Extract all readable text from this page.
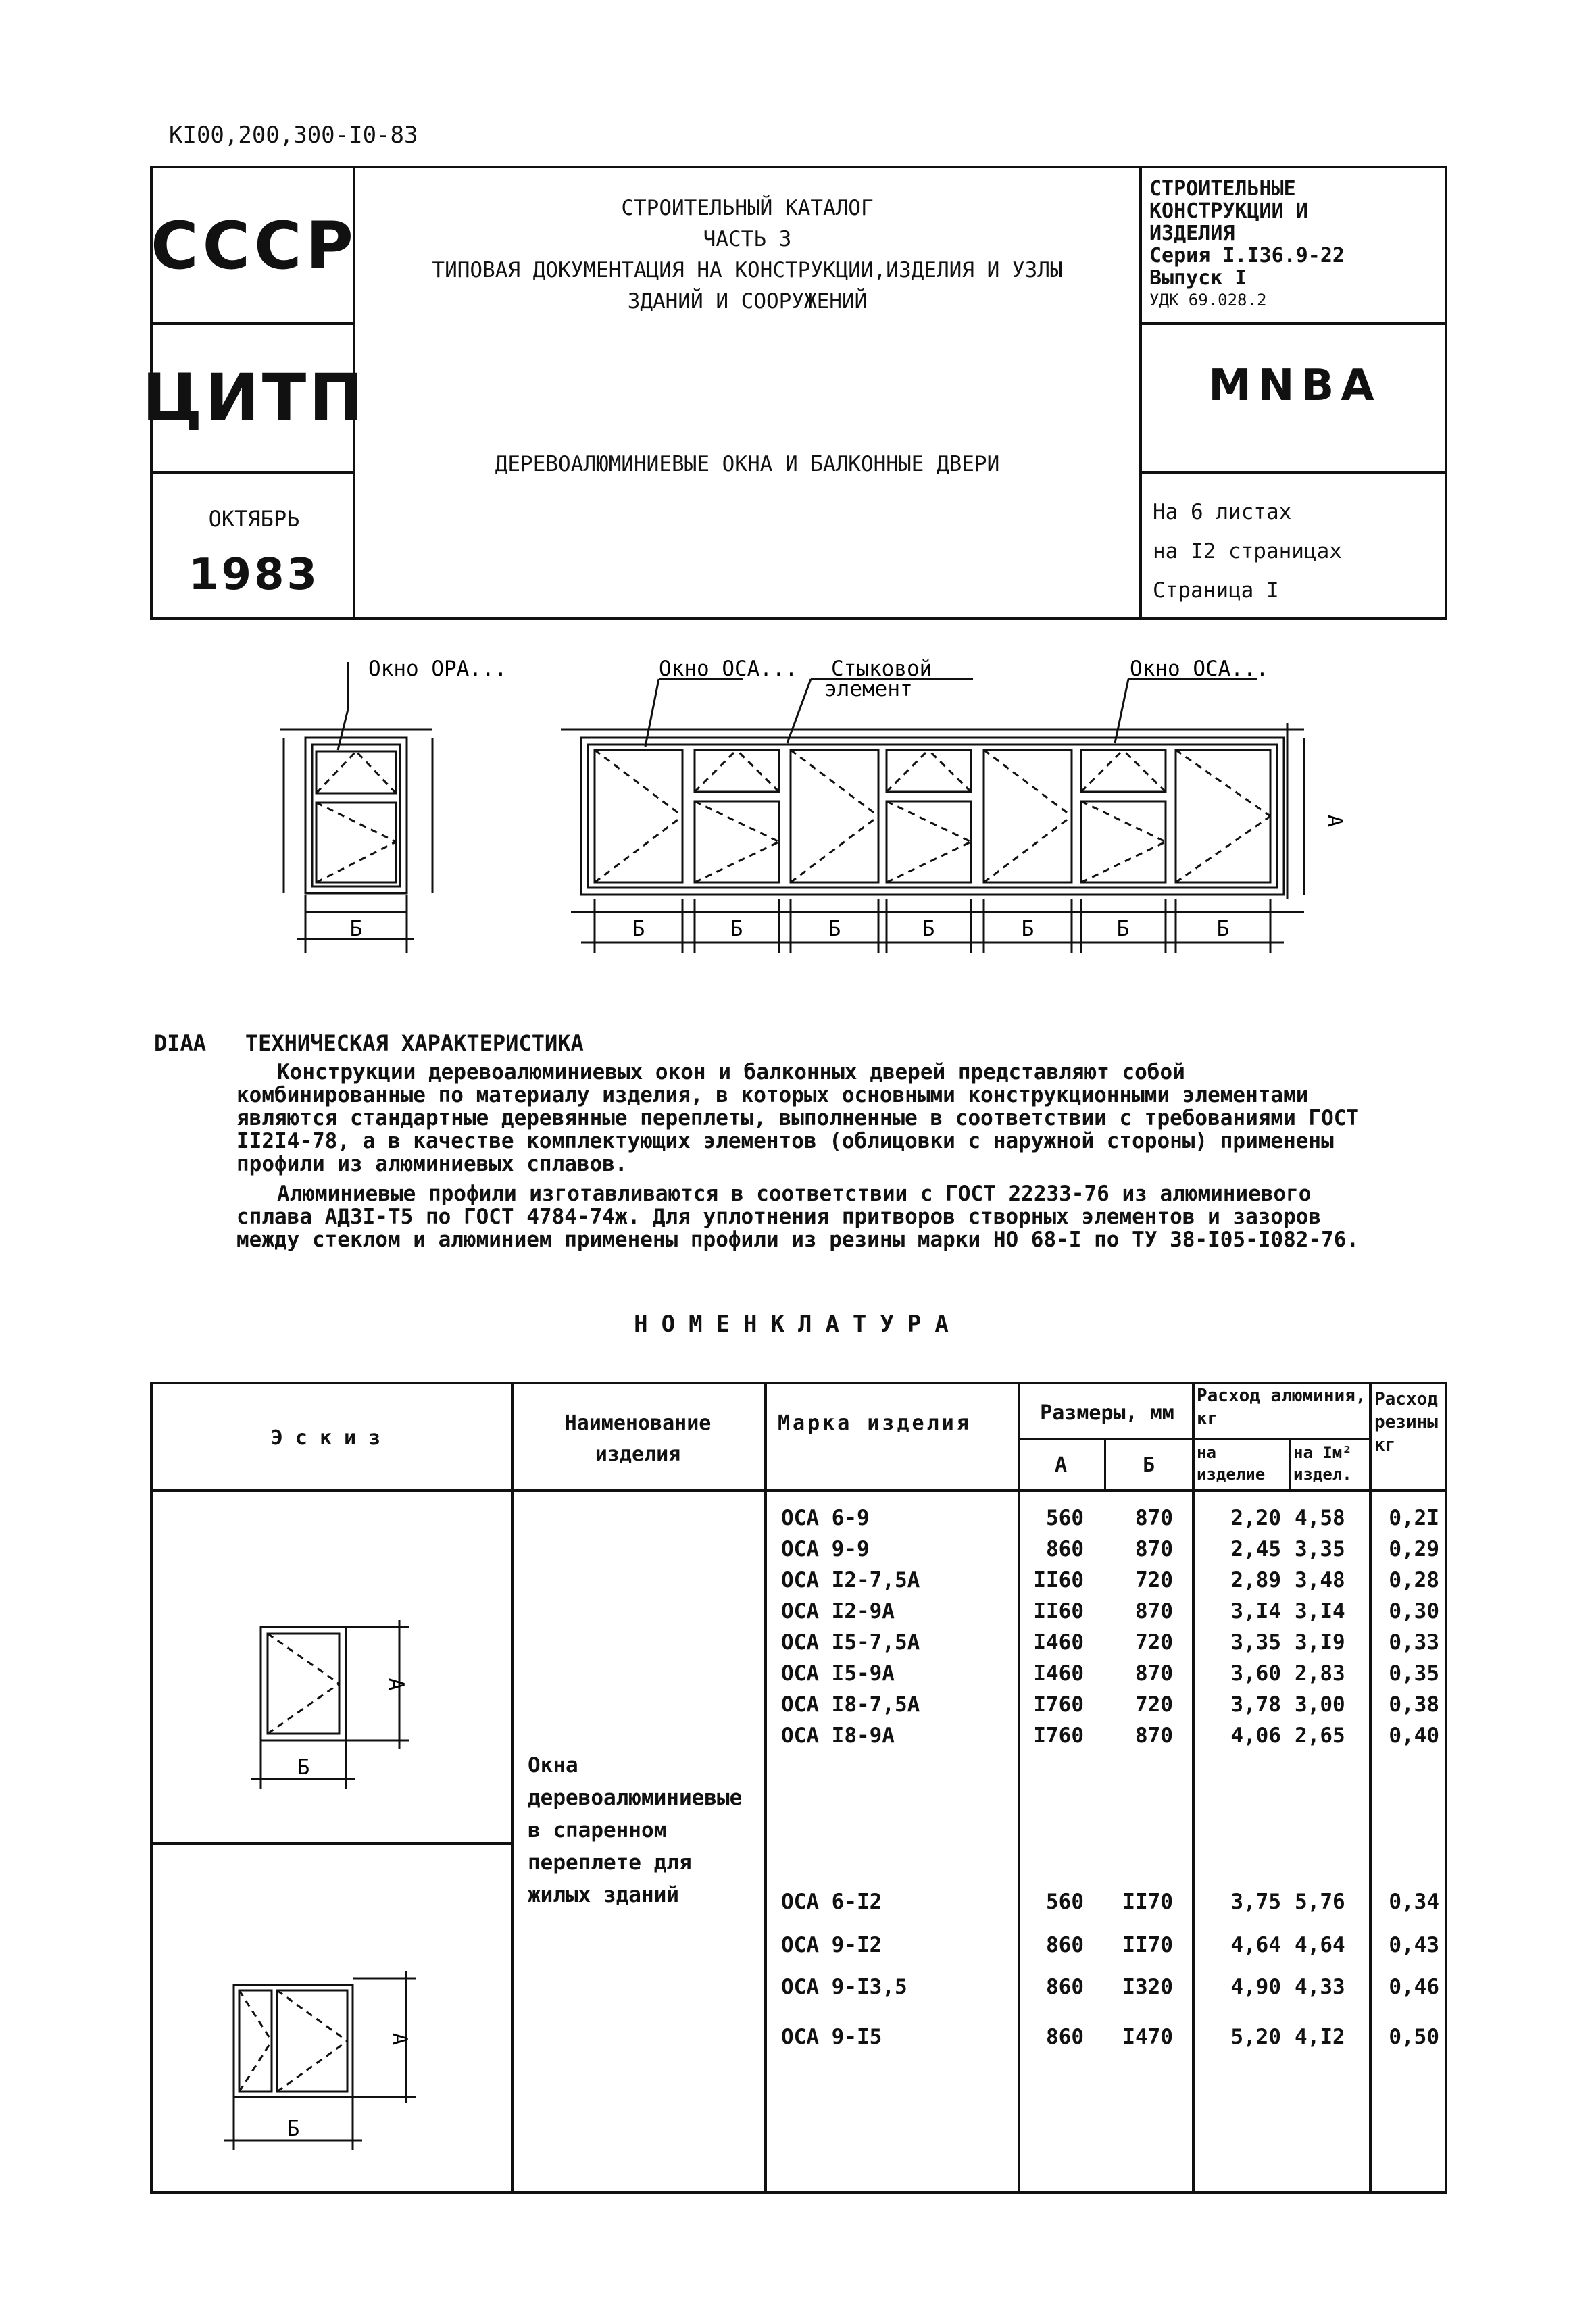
КI00,200,300-I0-83
СССР
ЦИТП
ОКТЯБРЬ
1983
СТРОИТЕЛЬНЫЙ КАТАЛОГ
ЧАСТЬ 3
ТИПОВАЯ ДОКУМЕНТАЦИЯ НА КОНСТРУКЦИИ,ИЗДЕЛИЯ И УЗЛЫ
ЗДАНИЙ И СООРУЖЕНИЙ
ДЕРЕВОАЛЮМИНИЕВЫЕ ОКНА И БАЛКОННЫЕ ДВЕРИ
СТРОИТЕЛЬНЫЕ
КОНСТРУКЦИИ И
ИЗДЕЛИЯ
Серия I.I36.9-22
Выпуск I
УДК 69.028.2
MNBA
На 6 листах
на I2 страницах
Страница I
Окно ОРА...	Окно ОСА... Стыковой
элемент
Окно ОСА...
Б	Б	Б	Б	Б	Б	Б	Б
А
DIAA ТЕХНИЧЕСКАЯ ХАРАКТЕРИСТИКА

Конструкции деревоалюминиевых окон и балконных дверей представляют собой комбинированные по материалу изделия, в которых основными конструкционными элементами являются стандартные деревянные переплеты, выполненные в соответствии с требованиями ГОСТ II2I4-78, а в качестве комплектующих элементов (облицовки с наружной стороны) применены профили из алюминиевых сплавов.

Алюминиевые профили изготавливаются в соответствии с ГОСТ 22233-76 из алюминиевого сплава АДЗI-Т5 по ГОСТ 4784-74ж. Для уплотнения притворов створных элементов и зазоров между стеклом и алюминием применены профили из резины марки НО 68-I по ТУ 38-I05-I082-76.

НОМЕНКЛАТУРА
Эскиз
Наименование изделия
Марка изделия	Размеры, мм
А	Б
Расход алюминия, кг
на изделие
на Iм² издел.
Расход резины кг
Окна деревоалюминиевые в спаренном переплете для жилых зданий
Б
А
Б
А
ОСА 6-9	560	870	2,20 4,58	0,2I
ОСА 9-9	860	870	2,45 3,35	0,29
ОСА I2-7,5А	II60	720	2,89 3,48	0,28
ОСА I2-9А	II60	870	3,I4 3,I4	0,30
ОСА I5-7,5А	I460	720	3,35 3,I9	0,33
ОСА I5-9А	I460	870	3,60 2,83	0,35
ОСА I8-7,5А	I760	720	3,78 3,00	0,38
ОСА I8-9А	I760	870	4,06 2,65	0,40
ОСА 6-I2	560	II70	3,75 5,76	0,34
ОСА 9-I2	860	II70	4,64 4,64	0,43
ОСА 9-I3,5	860	I320	4,90 4,33	0,46
ОСА 9-I5	860	I470	5,20 4,I2	0,50
